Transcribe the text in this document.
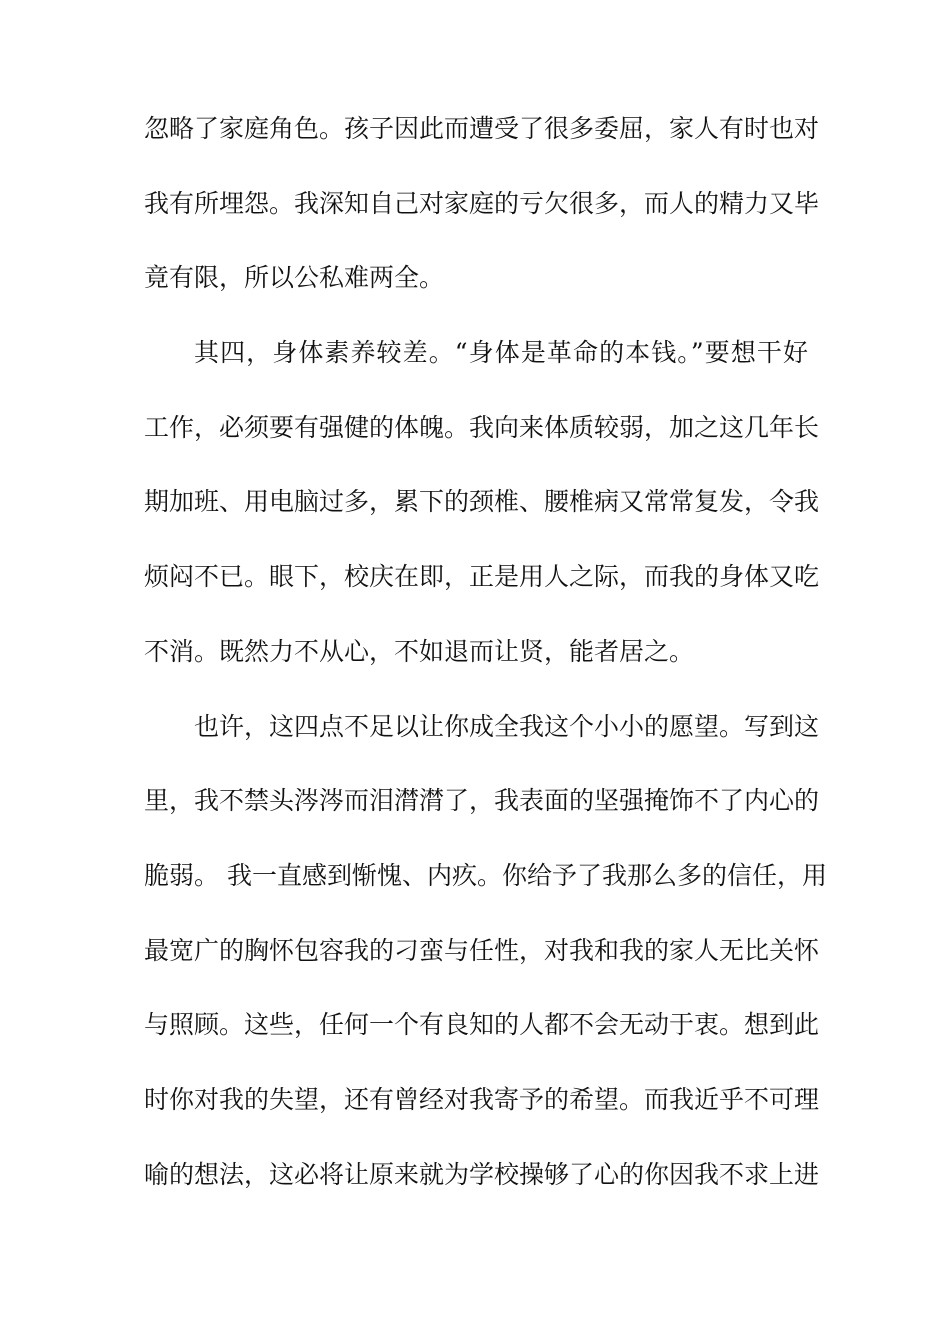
忽略了家庭角色。孩子因此而遭受了很多委屈，家人有时也对
我有所埋怨。我深知自己对家庭的亏欠很多，而人的精力又毕
竟有限，所以公私难两全。
其四，身体素养较差。“身体是革命的本钱。”要想干好
工作，必须要有强健的体魄。我向来体质较弱，加之这几年长
期加班、用电脑过多，累下的颈椎、腰椎病又常常复发，令我
烦闷不已。眼下，校庆在即，正是用人之际，而我的身体又吃
不消。既然力不从心，不如退而让贤，能者居之。
也许，这四点不足以让你成全我这个小小的愿望。写到这
里，我不禁头涔涔而泪潸潸了，我表面的坚强掩饰不了内心的
脆弱。 我一直感到惭愧、内疚。你给予了我那么多的信任，用
最宽广的胸怀包容我的刁蛮与任性，对我和我的家人无比关怀
与照顾。这些，任何一个有良知的人都不会无动于衷。想到此
时你对我的失望，还有曾经对我寄予的希望。而我近乎不可理
喻的想法，这必将让原来就为学校操够了心的你因我不求上进
